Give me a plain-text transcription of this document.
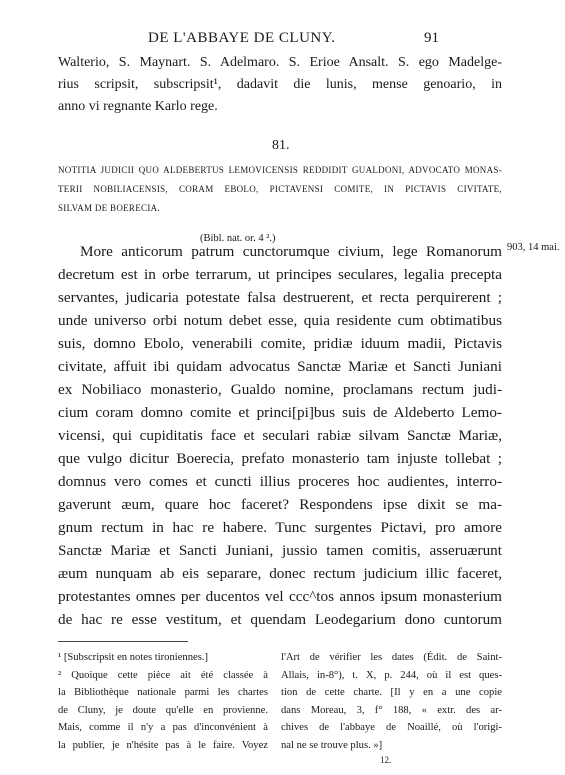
DE L'ABBAYE DE CLUNY.	91
Walterio, S. Maynart. S. Adelmaro. S. Erioe Ansalt. S. ego Madelge-
rius scripsit, subscripsit¹, dadavit die lunis, mense genoario, in
anno vi regnante Karlo rege.
81.
NOTITIA JUDICII QUO ALDEBERTUS LEMOVICENSIS REDDIDIT GUALDONI, ADVOCATO MONAS-
TERII NOBILIACENSIS, CORAM EBOLO, PICTAVENSI COMITE, IN PICTAVIS CIVITATE,
SILVAM DE BOERECIA.
(Bibl. nat. or. 4 ².)
903, 14 mai.
More anticorum patrum cunctorumque civium, lege Romanorum
decretum est in orbe terrarum, ut principes seculares, legalia precepta
servantes, judicaria potestate falsa destruerent, et recta perquirerent ;
unde universo orbi notum debet esse, quia residente cum obtimatibus
suis, domno Ebolo, venerabili comite, pridiæ iduum madii, Pictavis
civitate, affuit ibi quidam advocatus Sanctæ Mariæ et Sancti Juniani
ex Nobiliaco monasterio, Gualdo nomine, proclamans rectum judi-
cium coram domno comite et princi[pi]bus suis de Aldeberto Lemo-
vicensi, qui cupiditatis face et seculari rabiæ silvam Sanctæ Mariæ,
que vulgo dicitur Boerecia, prefato monasterio tam injuste tollebat ;
domnus vero comes et cuncti illius proceres hoc audientes, interro-
gaverunt æum, quare hoc faceret? Respondens ipse dixit se ma-
gnum rectum in hac re habere. Tunc surgentes Pictavi, pro amore
Sanctæ Mariæ et Sancti Juniani, jussio tamen comitis, asseruærunt
æum nunquam ab eis separare, donec rectum judicium illic faceret,
protestantes omnes per ducentos vel ccc^tos annos ipsum monasterium
de hac re esse vestitum, et quendam Leodegarium dono cuntorum
¹ [Subscripsit en notes tironiennes.]
² Quoique cette pièce ait été classée à
la Bibliothèque nationale parmi les chartes
de Cluny, je doute qu'elle en provienne.
Mais, comme il n'y a pas d'inconvénient à
la publier, je n'hésite pas à le faire. Voyez
l'Art de vérifier les dates (Édit. de Saint-
Allais, in-8°), t. X, p. 244, où il est ques-
tion de cette charte. [Il y en a une copie
dans Moreau, 3, f° 188, « extr. des ar-
chives de l'abbaye de Noaillé, où l'origi-
nal ne se trouve plus. »]
12.
